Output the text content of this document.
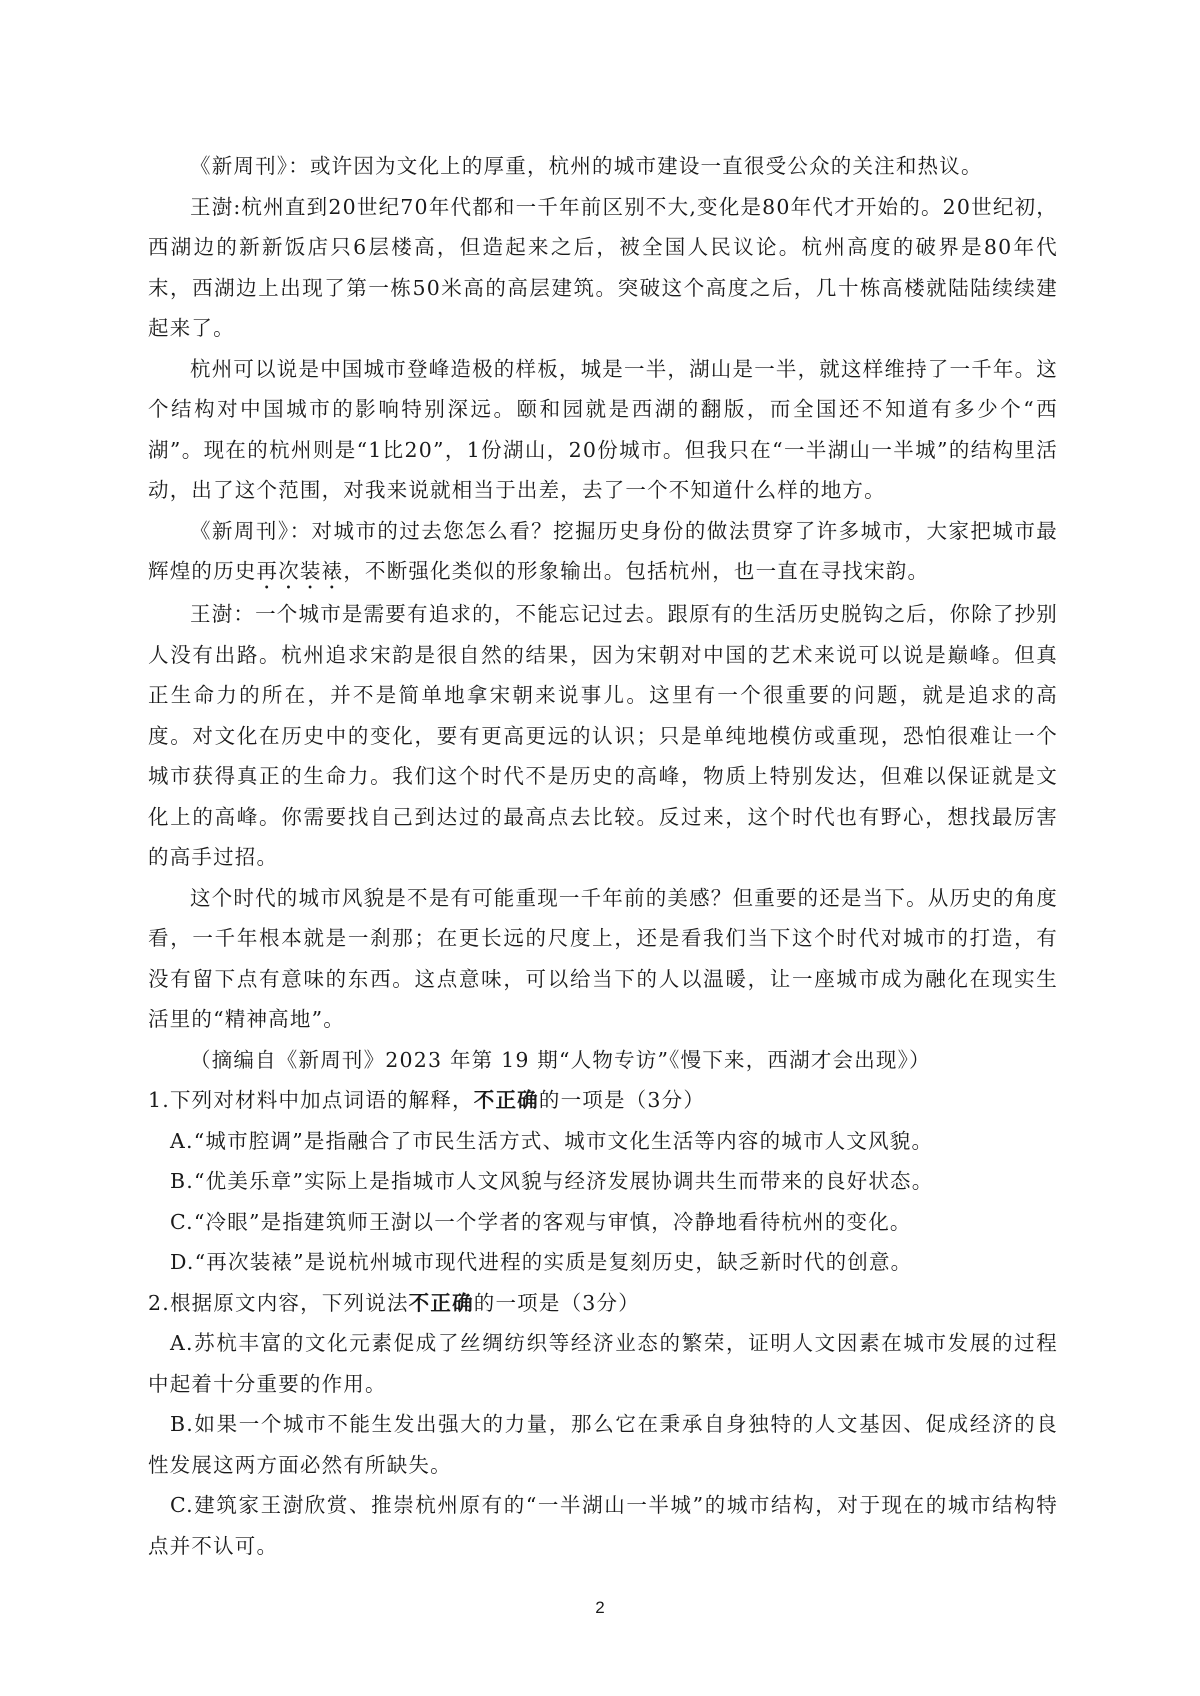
《新周刊》：或许因为文化上的厚重，杭州的城市建设一直很受公众的关注和热议。

王澍:杭州直到20世纪70年代都和一千年前区别不大,变化是80年代才开始的。20世纪初，西湖边的新新饭店只6层楼高，但造起来之后，被全国人民议论。杭州高度的破界是80年代末，西湖边上出现了第一栋50米高的高层建筑。突破这个高度之后，几十栋高楼就陆陆续续建起来了。

杭州可以说是中国城市登峰造极的样板，城是一半，湖山是一半，就这样维持了一千年。这个结构对中国城市的影响特别深远。颐和园就是西湖的翻版，而全国还不知道有多少个“西湖”。现在的杭州则是“1比20”，1份湖山，20份城市。但我只在“一半湖山一半城”的结构里活动，出了这个范围，对我来说就相当于出差，去了一个不知道什么样的地方。

《新周刊》：对城市的过去您怎么看？挖掘历史身份的做法贯穿了许多城市，大家把城市最辉煌的历史再次装裱，不断强化类似的形象输出。包括杭州，也一直在寻找宋韵。

王澍：一个城市是需要有追求的，不能忘记过去。跟原有的生活历史脱钩之后，你除了抄别人没有出路。杭州追求宋韵是很自然的结果，因为宋朝对中国的艺术来说可以说是巅峰。但真正生命力的所在，并不是简单地拿宋朝来说事儿。这里有一个很重要的问题，就是追求的高度。对文化在历史中的变化，要有更高更远的认识；只是单纯地模仿或重现，恐怕很难让一个城市获得真正的生命力。我们这个时代不是历史的高峰，物质上特别发达，但难以保证就是文化上的高峰。你需要找自己到达过的最高点去比较。反过来，这个时代也有野心，想找最厉害的高手过招。

这个时代的城市风貌是不是有可能重现一千年前的美感？但重要的还是当下。从历史的角度看，一千年根本就是一刹那；在更长远的尺度上，还是看我们当下这个时代对城市的打造，有没有留下点有意味的东西。这点意味，可以给当下的人以温暖，让一座城市成为融化在现实生活里的“精神高地”。

（摘编自《新周刊》2023 年第 19 期“人物专访”《慢下来，西湖才会出现》）

1.下列对材料中加点词语的解释，不正确的一项是（3分）

A.“城市腔调”是指融合了市民生活方式、城市文化生活等内容的城市人文风貌。

B.“优美乐章”实际上是指城市人文风貌与经济发展协调共生而带来的良好状态。

C.“冷眼”是指建筑师王澍以一个学者的客观与审慎，冷静地看待杭州的变化。

D.“再次装裱”是说杭州城市现代进程的实质是复刻历史，缺乏新时代的创意。

2.根据原文内容，下列说法不正确的一项是（3分）

A.苏杭丰富的文化元素促成了丝绸纺织等经济业态的繁荣，证明人文因素在城市发展的过程中起着十分重要的作用。

B.如果一个城市不能生发出强大的力量，那么它在秉承自身独特的人文基因、促成经济的良性发展这两方面必然有所缺失。

C.建筑家王澍欣赏、推崇杭州原有的“一半湖山一半城”的城市结构，对于现在的城市结构特点并不认可。

2
